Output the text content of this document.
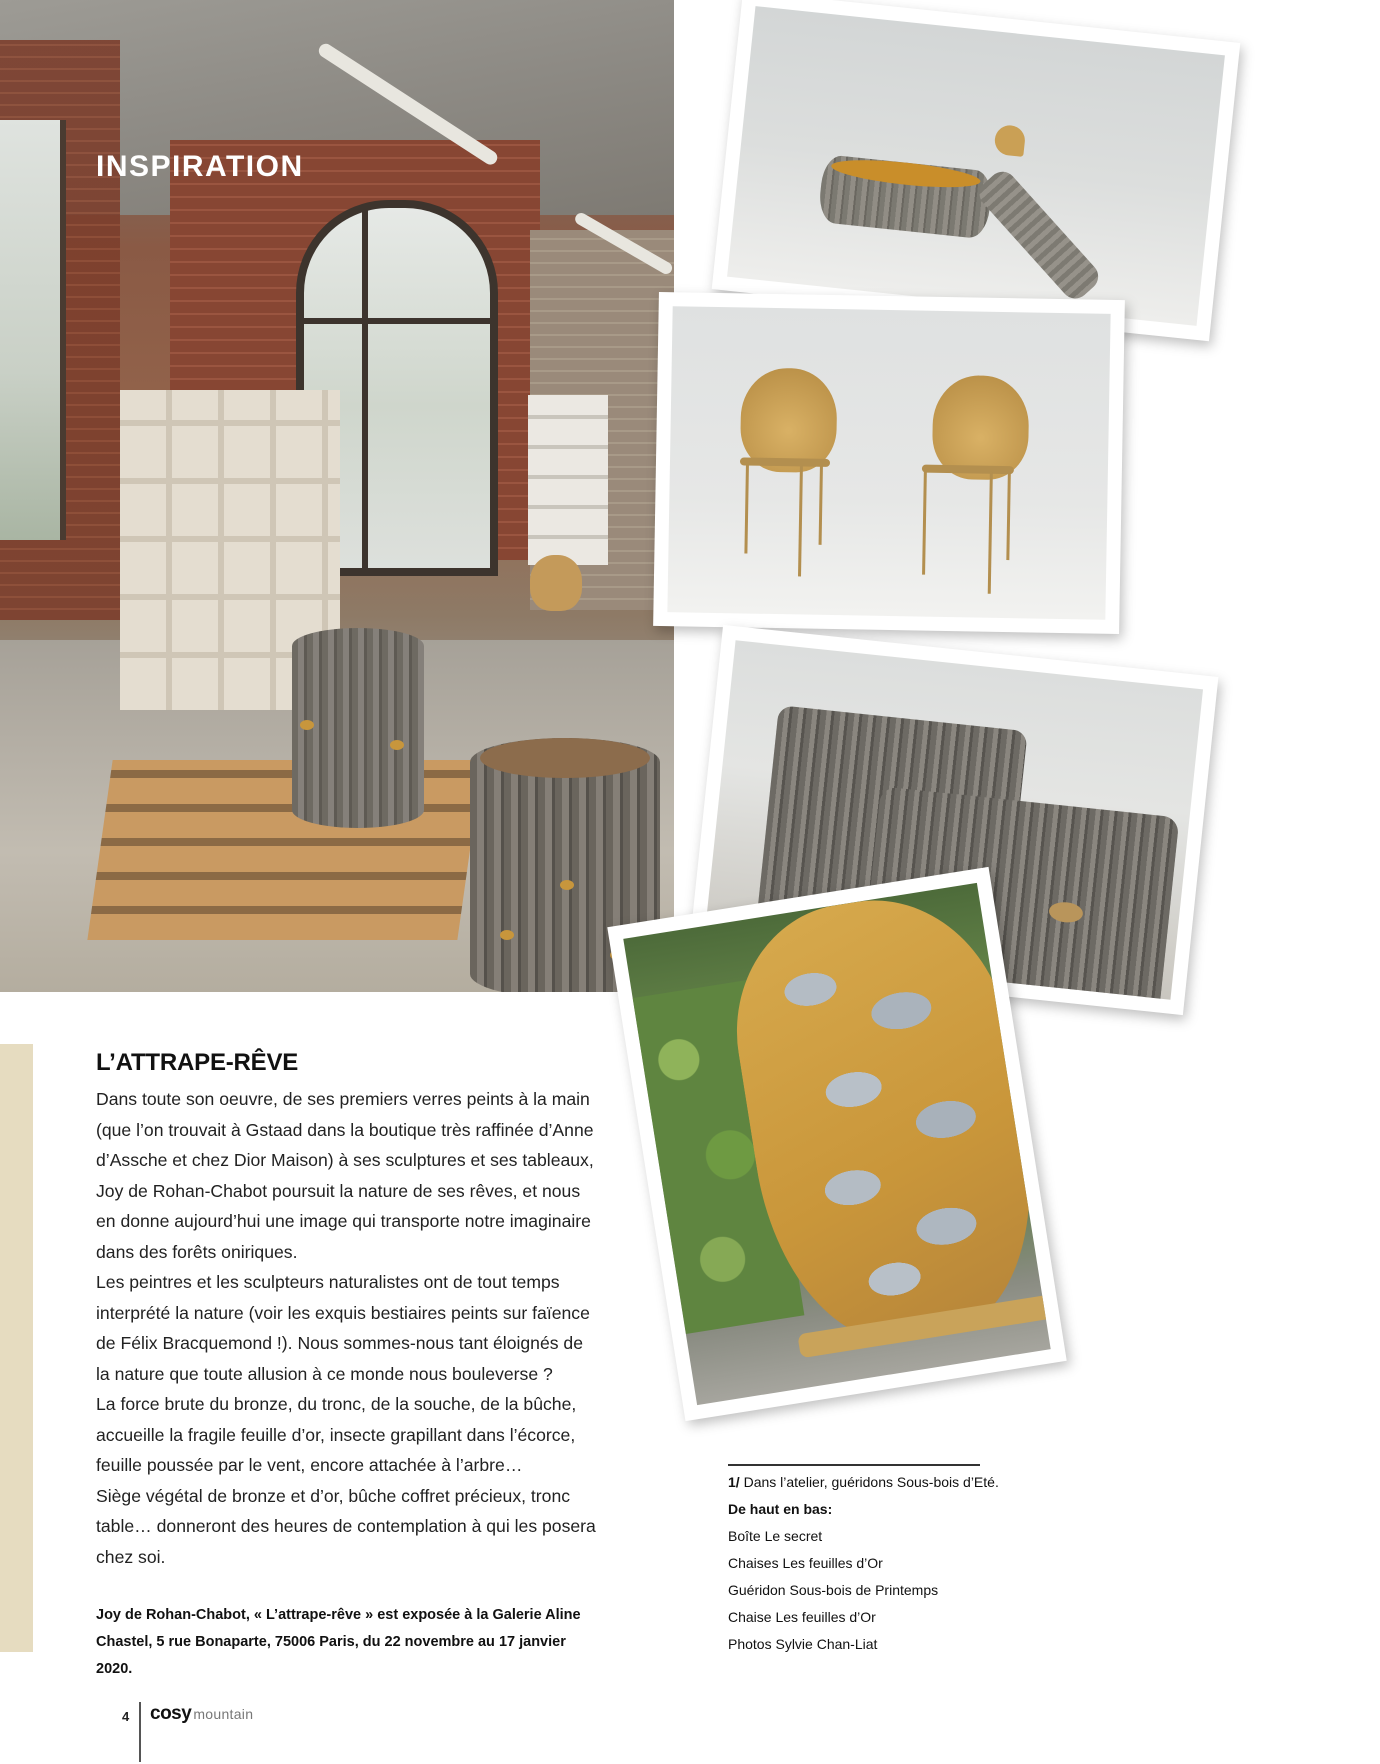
INSPIRATION
L’ATTRAPE-RÊVE

Dans toute son oeuvre, de ses premiers verres peints à la main (que l’on trouvait à Gstaad dans la boutique très raffinée d’Anne d’Assche et chez Dior Maison) à ses sculptures et ses tableaux, Joy de Rohan-Chabot poursuit la nature de ses rêves, et nous en donne aujourd’hui une image qui transporte notre imaginaire dans des forêts oniriques.

Les peintres et les sculpteurs naturalistes ont de tout temps interprété la nature (voir les exquis bestiaires peints sur faïence de Félix Bracquemond !). Nous sommes-nous tant éloignés de la nature que toute allusion à ce monde nous bouleverse ?

La force brute du bronze, du tronc, de la souche, de la bûche, accueille la fragile feuille d’or, insecte grapillant dans l’écorce, feuille poussée par le vent, encore attachée à l’arbre…

Siège végétal de bronze et d’or, bûche coffret précieux, tronc table… donneront des heures de contemplation à qui les posera chez soi.

Joy de Rohan-Chabot, « L’attrape-rêve » est exposée à la Galerie Aline Chastel, 5 rue Bonaparte, 75006 Paris, du 22 novembre au 17 janvier 2020.
1/ Dans l’atelier, guéridons Sous-bois d’Eté.
De haut en bas:
Boîte Le secret
Chaises Les feuilles d’Or
Guéridon Sous-bois de Printemps
Chaise Les feuilles d’Or
Photos Sylvie Chan-Liat
4 cosy mountain
